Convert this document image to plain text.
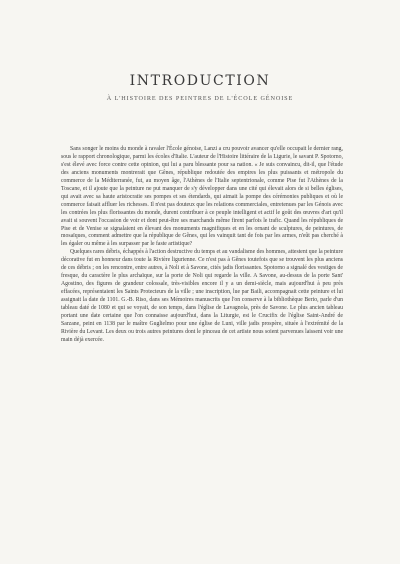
INTRODUCTION
À L'HISTOIRE DES PEINTRES DE L'ÉCOLE GÉNOISE

Sans songer le moins du monde à ravaler l'École génoise, Lanzi a cru pouvoir avancer qu'elle occupait le dernier rang, sous le rapport chronologique, parmi les écoles d'Italie. L'auteur de l'Histoire littéraire de la Ligurie, le savant P. Spotorno, s'est élevé avec force contre cette opinion, qui lui a paru blessante pour sa nation. « Je suis convaincu, dit-il, que l'étude des anciens monuments montrerait que Gênes, république redoutée des empires les plus puissants et métropole du commerce de la Méditerranée, fut, au moyen âge, l'Athènes de l'Italie septentrionale, comme Pise fut l'Athènes de la Toscane, et il ajoute que la peinture ne put manquer de s'y développer dans une cité qui élevait alors de si belles églises, qui avait avec sa haute aristocratie ses pompes et ses étendards, qui aimait la pompe des cérémonies publiques et où le commerce faisait affluer les richesses. Il n'est pas douteux que les relations commerciales, entretenues par les Génois avec les contrées les plus florissantes du monde, durent contribuer à ce peuple intelligent et actif le goût des œuvres d'art qu'il avait si souvent l'occasion de voir et dont peut-être ses marchands même firent parfois le trafic. Quand les républiques de Pise et de Venise se signalaient en élevant des monuments magnifiques et en les ornant de sculptures, de peintures, de mosaïques, comment admettre que la république de Gênes, qui les vainquit tant de fois par les armes, n'eût pas cherché à les égaler ou même à les surpasser par le faste artistique?

Quelques rares débris, échappés à l'action destructive du temps et au vandalisme des hommes, attestent que la peinture décorative fut en honneur dans toute la Rivière ligurienne. Ce n'est pas à Gênes toutefois que se trouvent les plus anciens de ces débris ; on les rencontre, entre autres, à Noli et à Savone, cités jadis florissantes. Spotorno a signalé des vestiges de fresque, du caractère le plus archaïque, sur la porte de Noli qui regarde la ville. A Savone, au-dessus de la porte Sant' Agostino, des figures de grandeur colossale, très-visibles encore il y a un demi-siècle, mais aujourd'hui à peu près effacées, représentaient les Saints Protecteurs de la ville ; une inscription, lue par Baili, accompagnait cette peinture et lui assignait la date de 1101. G.-B. Riso, dans ses Mémoires manuscrits que l'on conserve à la bibliothèque Berio, parle d'un tableau daté de 1080 et qui se voyait, de son temps, dans l'église de Lavagnola, près de Savone. Le plus ancien tableau portant une date certaine que l'on connaisse aujourd'hui, dans la Liturgie, est le Crucifix de l'église Saint-André de Sarzane, peint en 1138 par le maître Guglielmo pour une église de Luni, ville jadis prospère, située à l'extrémité de la Rivière du Levant. Les deux ou trois autres peintures dont le pinceau de cet artiste nous soient parvenues laissent voir une main déjà exercée.
